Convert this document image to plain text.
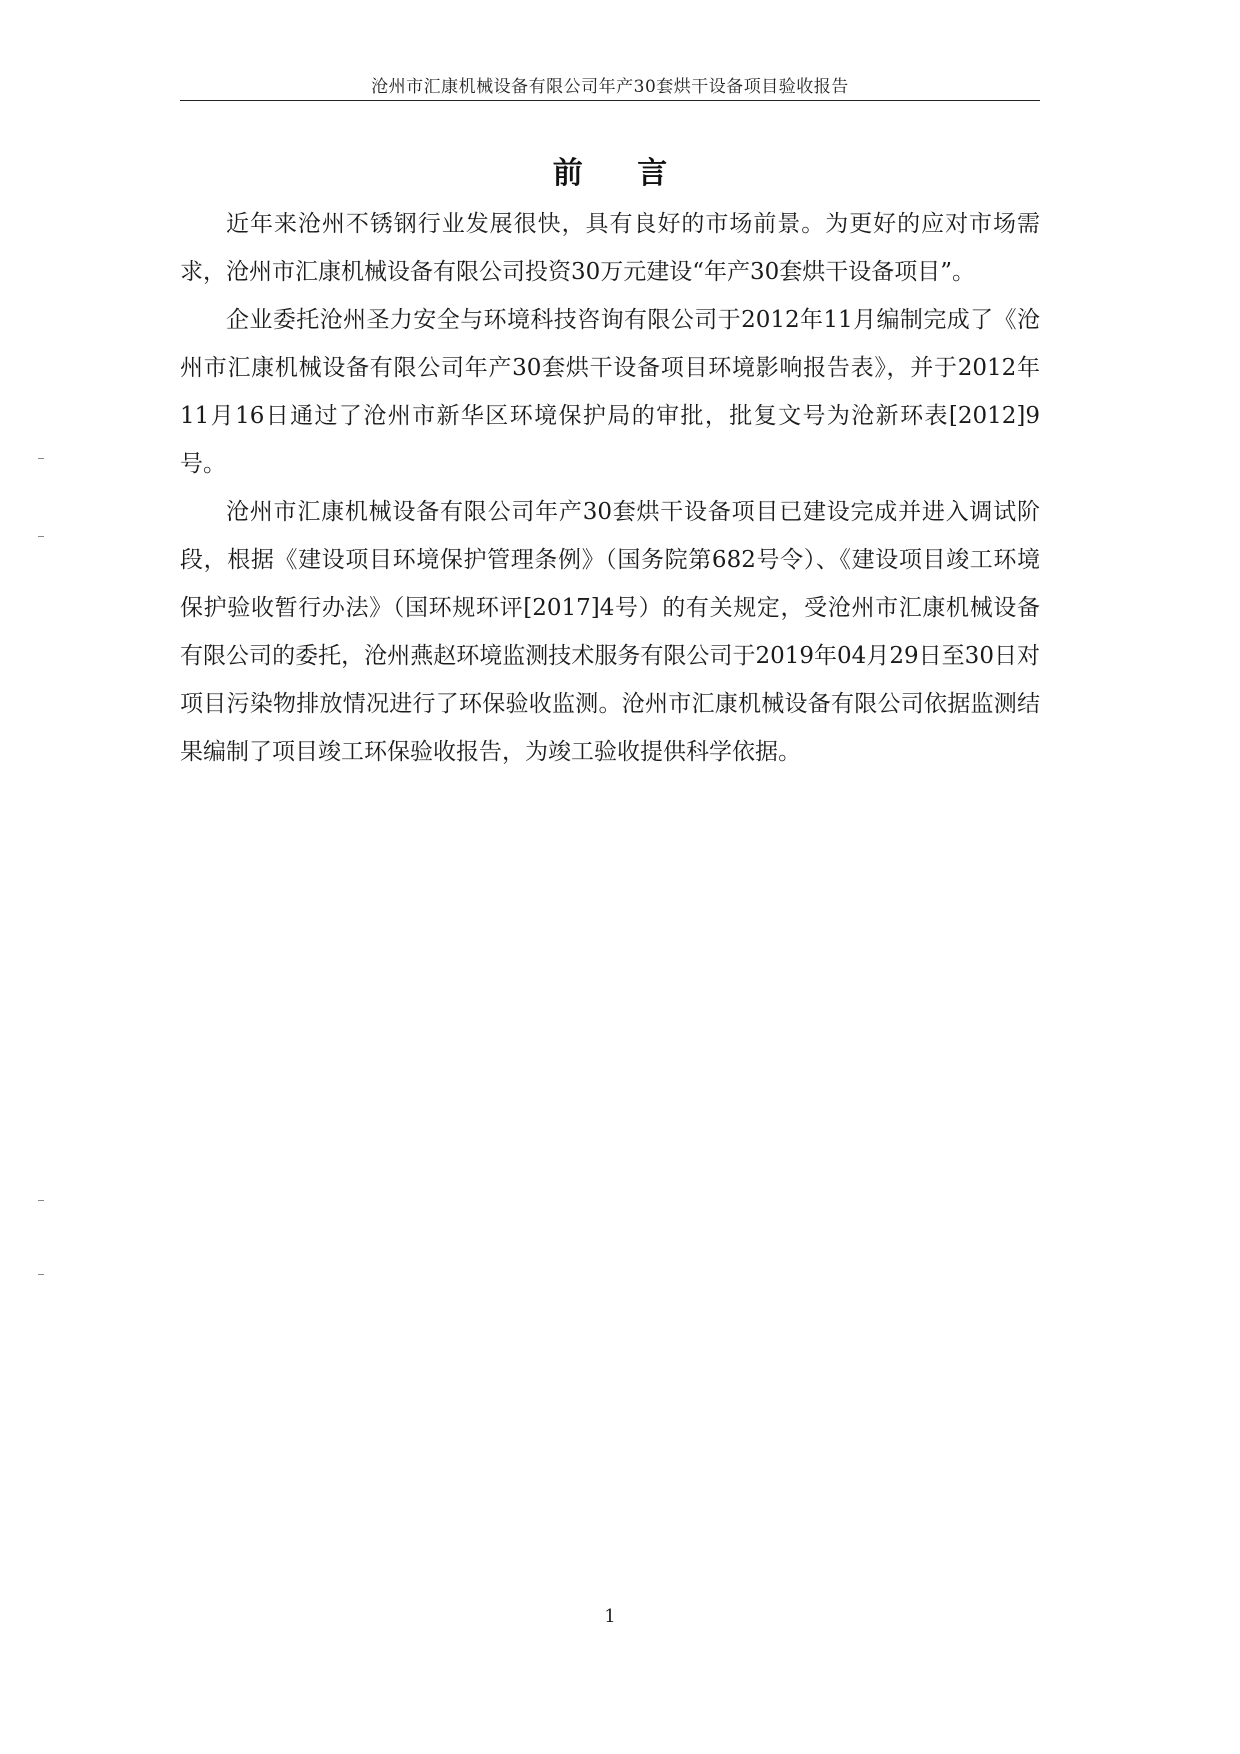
沧州市汇康机械设备有限公司年产30套烘干设备项目验收报告
前 言

近年来沧州不锈钢行业发展很快，具有良好的市场前景。为更好的应对市场需求，沧州市汇康机械设备有限公司投资30万元建设“年产30套烘干设备项目”。

企业委托沧州圣力安全与环境科技咨询有限公司于2012年11月编制完成了《沧州市汇康机械设备有限公司年产30套烘干设备项目环境影响报告表》，并于2012年11月16日通过了沧州市新华区环境保护局的审批，批复文号为沧新环表[2012]9号。

沧州市汇康机械设备有限公司年产30套烘干设备项目已建设完成并进入调试阶段，根据《建设项目环境保护管理条例》（国务院第682号令）、《建设项目竣工环境保护验收暂行办法》（国环规环评[2017]4号）的有关规定，受沧州市汇康机械设备有限公司的委托，沧州燕赵环境监测技术服务有限公司于2019年04月29日至30日对项目污染物排放情况进行了环保验收监测。沧州市汇康机械设备有限公司依据监测结果编制了项目竣工环保验收报告，为竣工验收提供科学依据。

1
